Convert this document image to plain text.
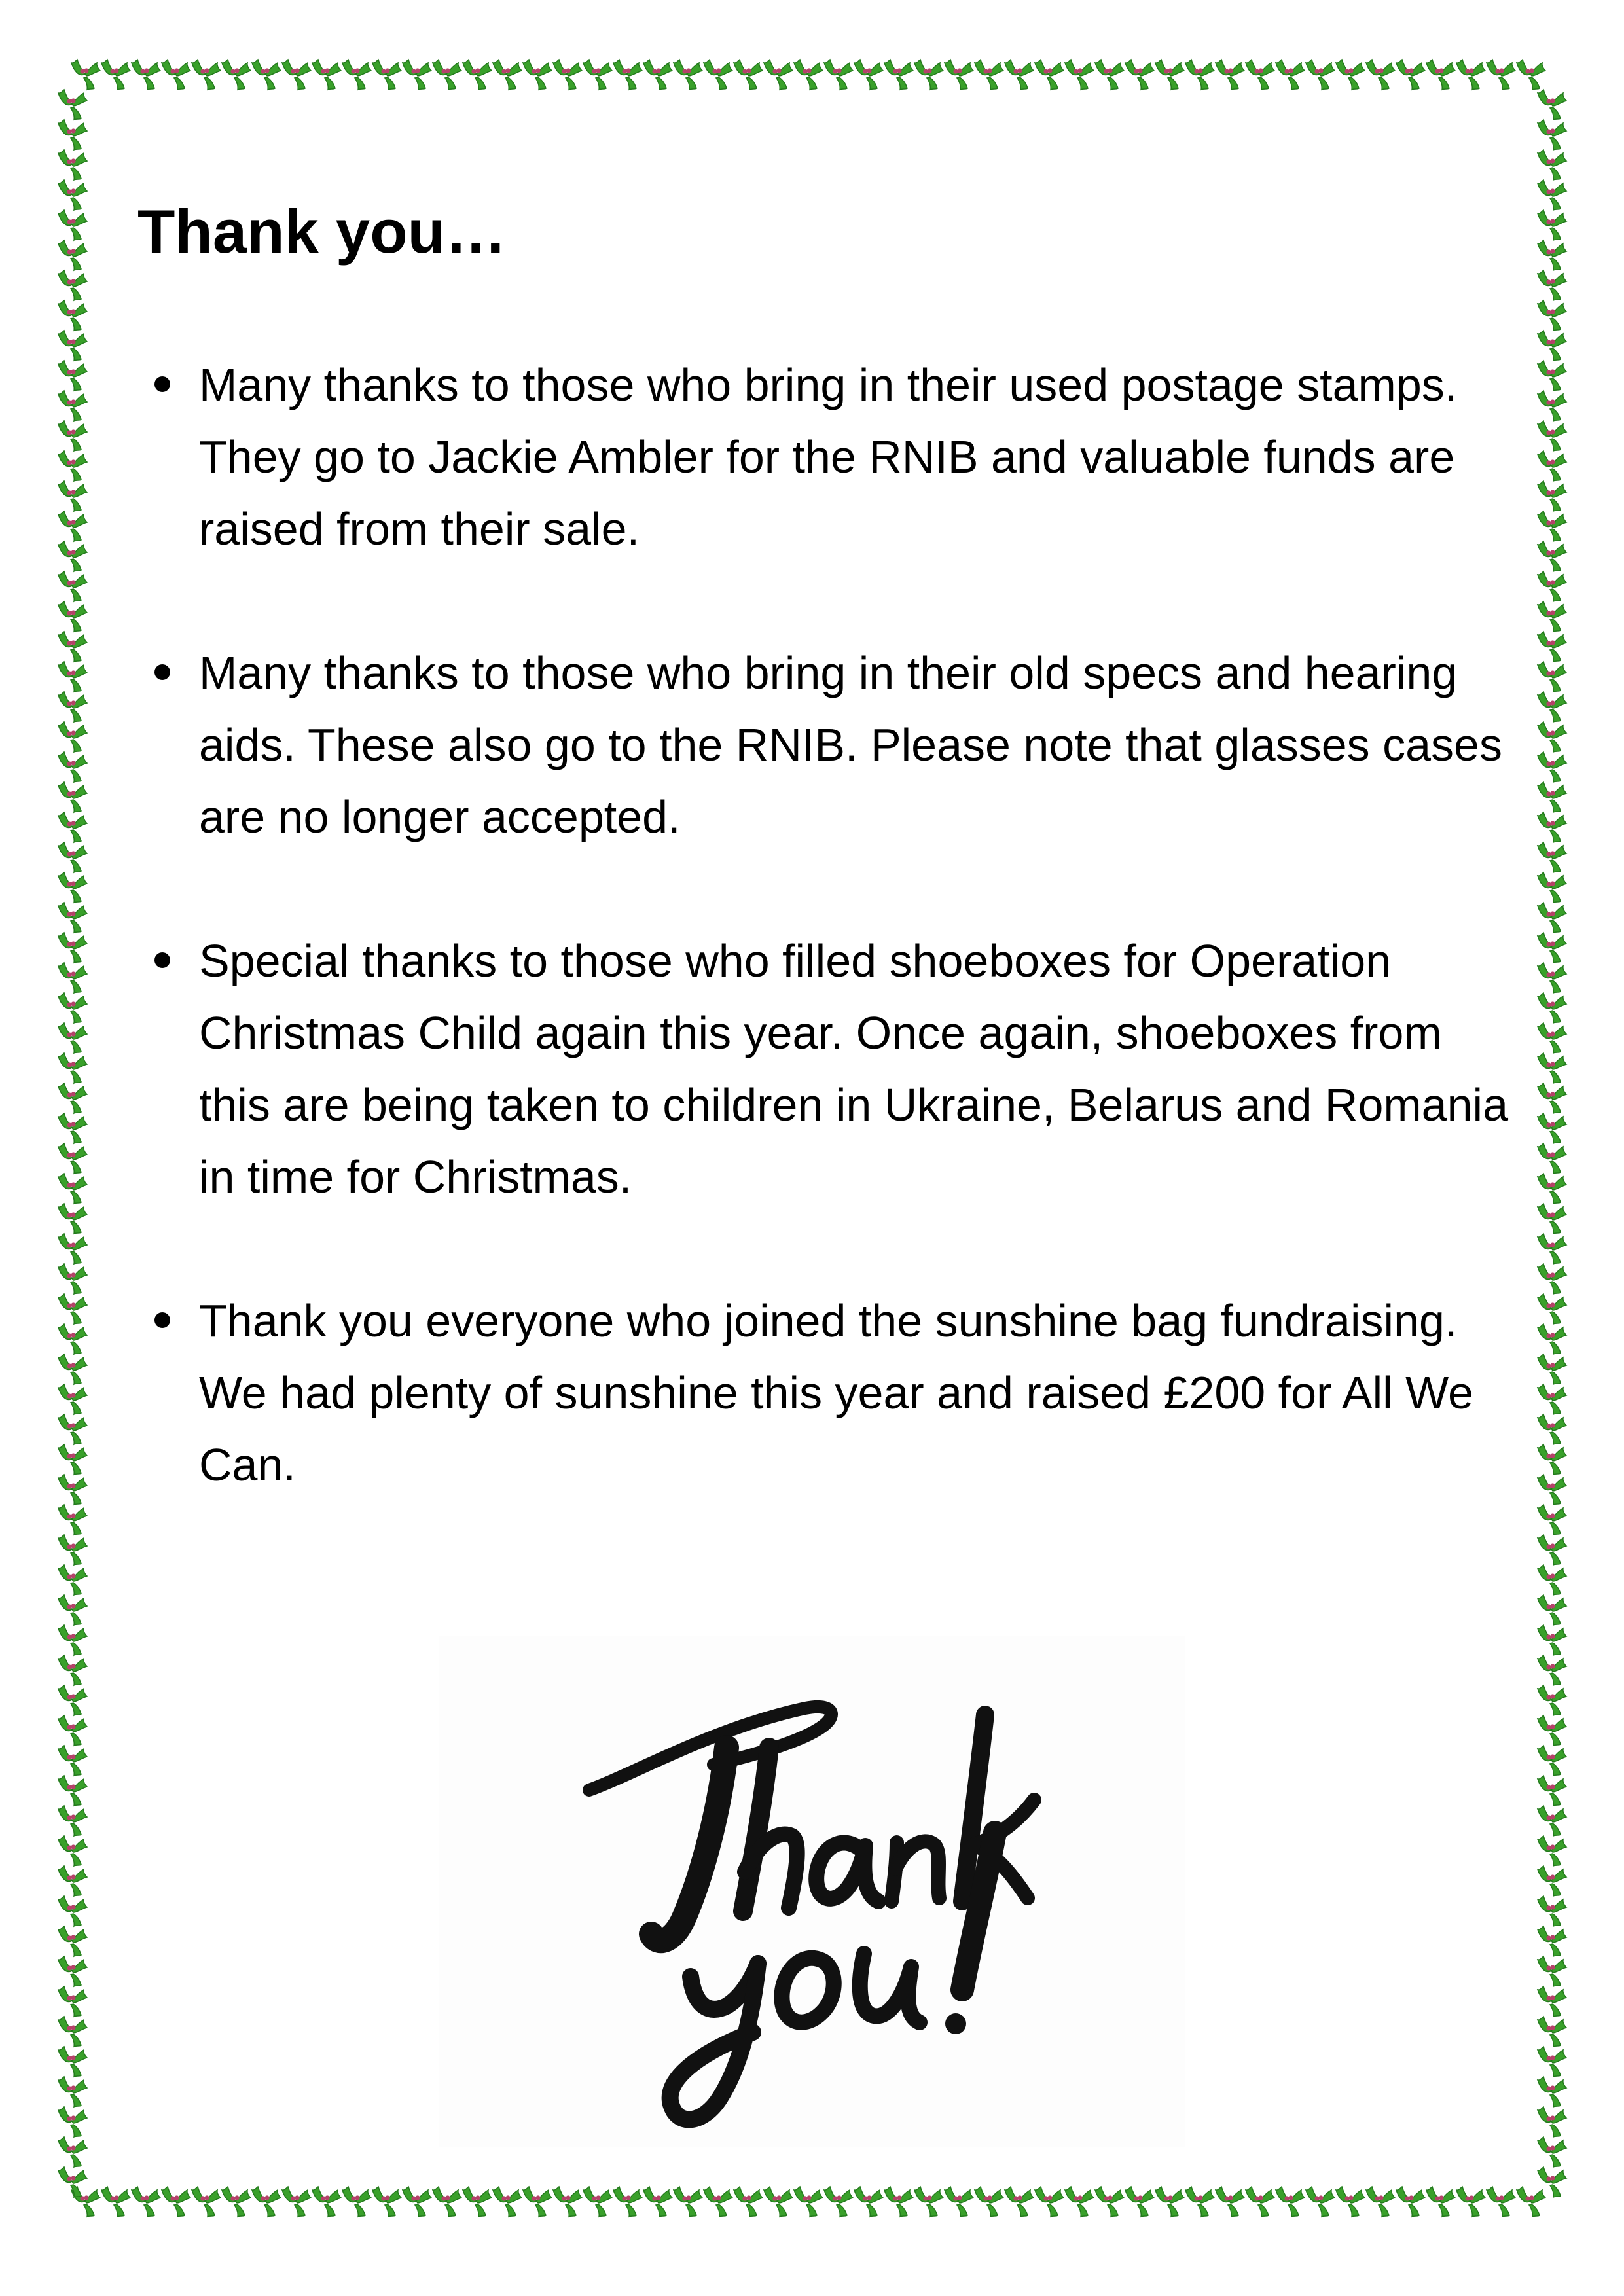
Thank you…
Many thanks to those who bring in their used postage stamps. They go to Jackie Ambler for the RNIB and valuable funds are raised from their sale.
Many thanks to those who bring in their old specs and hearing aids. These also go to the RNIB. Please note that glasses cases are no longer accepted.
Special thanks to those who filled shoeboxes for Operation Christmas Child again this year. Once again, shoeboxes from this are being taken to children in Ukraine, Belarus and Romania in time for Christmas.
Thank you everyone who joined the sunshine bag fundraising. We had plenty of sunshine this year and raised £200 for All We Can.
